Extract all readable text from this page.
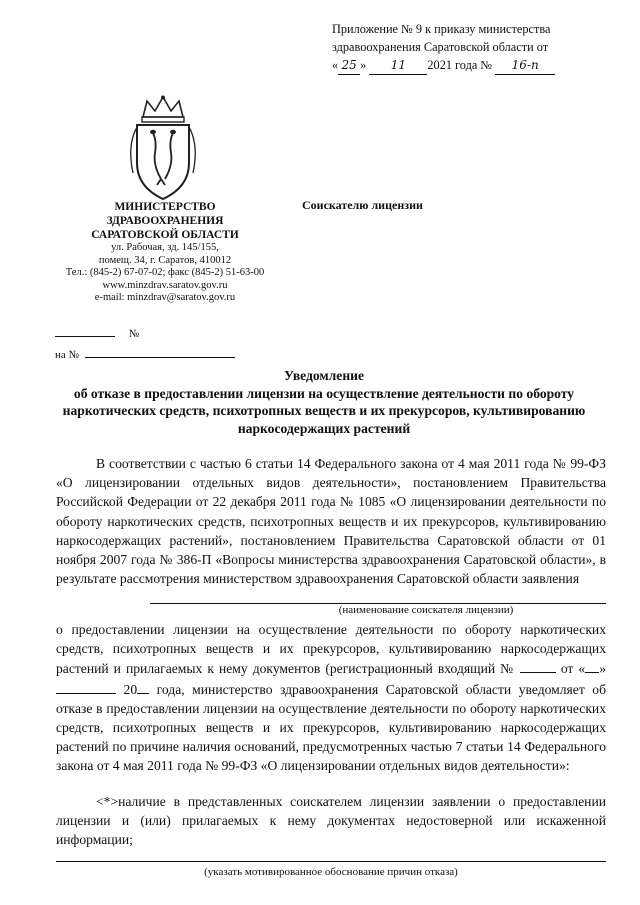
Приложение № 9 к приказу министерства
здравоохранения Саратовской области от
« 25 » 11 2021 года № 16-п
МИНИСТЕРСТВО
ЗДРАВООХРАНЕНИЯ
САРАТОВСКОЙ ОБЛАСТИ
ул. Рабочая, зд. 145/155,
помещ. 34, г. Саратов, 410012
Тел.: (845-2) 67-07-02; факс (845-2) 51-63-00
www.minzdrav.saratov.gov.ru
e-mail: minzdrav@saratov.gov.ru
Соискателю лицензии
№
на №
Уведомление
об отказе в предоставлении лицензии на осуществление деятельности по обороту наркотических средств, психотропных веществ и их прекурсоров, культивированию наркосодержащих растений
В соответствии с частью 6 статьи 14 Федерального закона от 4 мая 2011 года № 99-ФЗ «О лицензировании отдельных видов деятельности», постановлением Правительства Российской Федерации от 22 декабря 2011 года № 1085 «О лицензировании деятельности по обороту наркотических средств, психотропных веществ и их прекурсоров, культивированию наркосодержащих растений», постановлением Правительства Саратовской области от 01 ноября 2007 года № 386-П «Вопросы министерства здравоохранения Саратовской области», в результате рассмотрения министерством здравоохранения Саратовской области заявления
(наименование соискателя лицензии)
о предоставлении лицензии на осуществление деятельности по обороту наркотических средств, психотропных веществ и их прекурсоров, культивированию наркосодержащих растений и прилагаемых к нему документов (регистрационный входящий №	от « »  20 года, министерство здравоохранения Саратовской области уведомляет об отказе в предоставлении лицензии на осуществление деятельности по обороту наркотических средств, психотропных веществ и их прекурсоров, культивированию наркосодержащих растений по причине наличия оснований, предусмотренных частью 7 статьи 14 Федерального закона от 4 мая 2011 года № 99-ФЗ «О лицензировании отдельных видов деятельности»:
<*>наличие в представленных соискателем лицензии заявлении о предоставлении лицензии и (или) прилагаемых к нему документах недостоверной или искаженной информации;
(указать мотивированное обоснование причин отказа)
